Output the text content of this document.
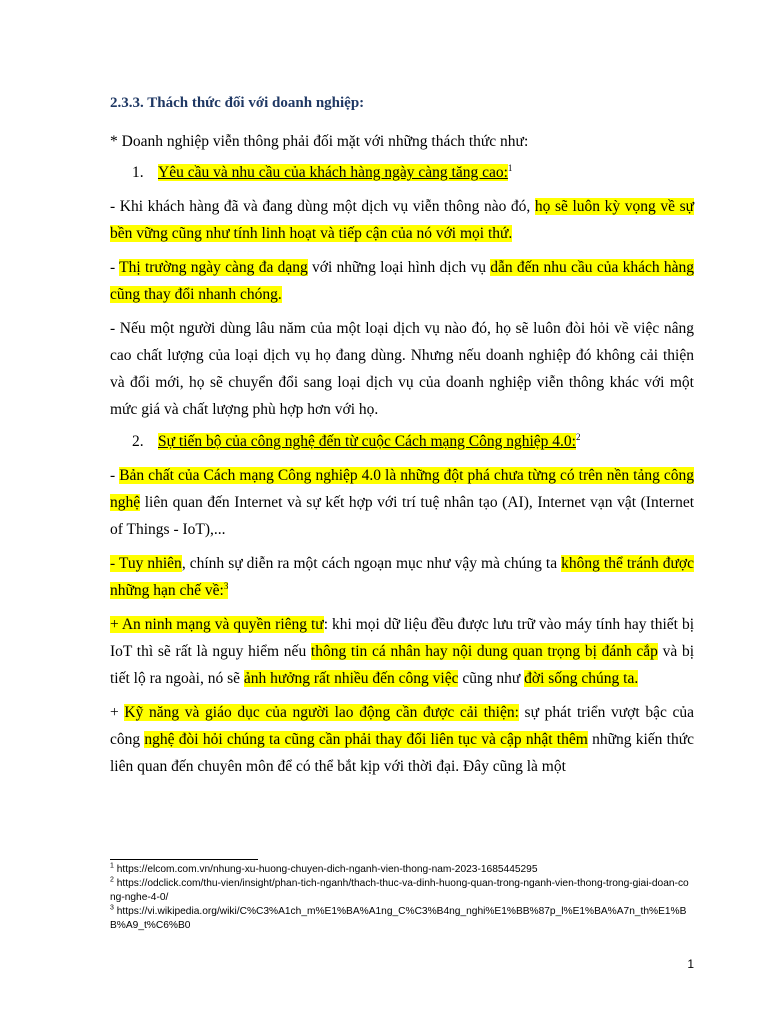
2.3.3. Thách thức đối với doanh nghiệp:
* Doanh nghiệp viễn thông phải đối mặt với những thách thức như:
1. Yêu cầu và nhu cầu của khách hàng ngày càng tăng cao:$^1$
- Khi khách hàng đã và đang dùng một dịch vụ viễn thông nào đó, họ sẽ luôn kỳ vọng về sự bền vững cũng như tính linh hoạt và tiếp cận của nó với mọi thứ.
- Thị trường ngày càng đa dạng với những loại hình dịch vụ dẫn đến nhu cầu của khách hàng cũng thay đổi nhanh chóng.
- Nếu một người dùng lâu năm của một loại dịch vụ nào đó, họ sẽ luôn đòi hỏi về việc nâng cao chất lượng của loại dịch vụ họ đang dùng. Nhưng nếu doanh nghiệp đó không cải thiện và đổi mới, họ sẽ chuyển đổi sang loại dịch vụ của doanh nghiệp viễn thông khác với một mức giá và chất lượng phù hợp hơn với họ.
2. Sự tiến bộ của công nghệ đến từ cuộc Cách mạng Công nghiệp 4.0:$^2$
- Bản chất của Cách mạng Công nghiệp 4.0 là những đột phá chưa từng có trên nền tảng công nghệ liên quan đến Internet và sự kết hợp với trí tuệ nhân tạo (AI), Internet vạn vật (Internet of Things - IoT),...
- Tuy nhiên, chính sự diễn ra một cách ngoạn mục như vậy mà chúng ta không thể tránh được những hạn chế về:$^3$
+ An ninh mạng và quyền riêng tư: khi mọi dữ liệu đều được lưu trữ vào máy tính hay thiết bị IoT thì sẽ rất là nguy hiểm nếu thông tin cá nhân hay nội dung quan trọng bị đánh cắp và bị tiết lộ ra ngoài, nó sẽ ảnh hưởng rất nhiều đến công việc cũng như đời sống chúng ta.
+ Kỹ năng và giáo dục của người lao động cần được cải thiện: sự phát triển vượt bậc của công nghệ đòi hỏi chúng ta cũng cần phải thay đổi liên tục và cập nhật thêm những kiến thức liên quan đến chuyên môn để có thể bắt kịp với thời đại. Đây cũng là một
$^1$ https://elcom.com.vn/nhung-xu-huong-chuyen-dich-nganh-vien-thong-nam-2023-1685445295
$^2$ https://odclick.com/thu-vien/insight/phan-tich-nganh/thach-thuc-va-dinh-huong-quan-trong-nganh-vien-thong-trong-giai-doan-cong-nghe-4-0/
$^3$ https://vi.wikipedia.org/wiki/C%C3%A1ch_m%E1%BA%A1ng_C%C3%B4ng_nghi%E1%BB%87p_l%E1%BA%A7n_th%E1%BB%A9_t%C6%B0
1
